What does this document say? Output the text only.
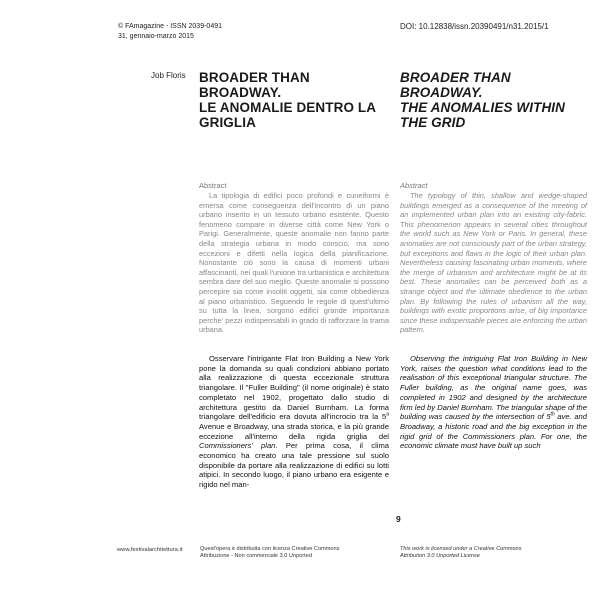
© FAmagazine - ISSN 2039-0491
31, gennaio-marzo 2015
DOI: 10.12838/issn.20390491/n31.2015/1
Job Floris BROADER THAN
BROADWAY.
LE ANOMALIE DENTRO LA
GRIGLIA
BROADER THAN
BROADWAY.
THE ANOMALIES WITHIN
THE GRID
Abstract
La tipologia di edifici poco profondi e cuneiformi è emersa come conseguenza dell'incontro di un piano urbano inserito in un tessuto urbano esistente. Questo fenomeno compare in diverse città come New York o Parigi. Generalmente, queste anomalie non fanno parte della strategia urbana in modo conscio, ma sono eccezioni e difetti nella logica della pianificazione. Nonostante ciò sono la causa di momenti urbani affascinanti, nei quali l'unione tra urbanistica e architettura sembra dare del suo meglio. Queste anomalie si possono percepire sia come insoliti oggetti, sia come obbedienza al piano urbanistico. Seguendo le regole di quest'ultimo su tutta la linea, sorgono edifici grande importanza perche' pezzi indispensabili in grado di rafforzare la trama urbana.
Abstract
The typology of thin, shallow and wedge-shaped buildings emerged as a consequence of the meeting of an implemented urban plan into an existing city-fabric. This phenomenon appears in several cities throughout the world such as New York or Paris. In general, these anomalies are not consciously part of the urban strategy, but exceptions and flaws in the logic of their urban plan. Nevertheless causing fascinating urban moments, where the merge of urbanism and architecture might be at its best. These anomalies can be perceived both as a strange object and the ultimate obedience to the urban plan. By following the rules of urbanism all the way, buildings with exotic proportions arise, of big importance since these indispensable pieces are enforcing the urban pattern.
Osservare l'intrigante Flat Iron Building a New York pone la domanda su quali condizioni abbiano portato alla realizzazione di questa eccezionale struttura triangolare. Il "Fuller Building" (il nome originale) è stato completato nel 1902, progettato dallo studio di architettura gestito da Daniel Burnham. La forma triangolare dell'edificio era dovuta all'incrocio tra la 5$^a$ Avenue e Broadway, una strada storica, e la più grande eccezione all'interno della rigida griglia del Commissioners' plan. Per prima cosa, il clima economico ha creato una tale pressione sul suolo disponibile da portare alla realizzazione di edifici su lotti atipici. In secondo luogo, il piano urbano era esigente e rigido nel man-
Observing the intriguing Flat Iron Building in New York, raises the question what conditions lead to the realisation of this exceptional triangular structure. The Fuller building, as the original name goes, was completed in 1902 and designed by the architecture firm led by Daniel Burnham. The triangular shape of the building was caused by the intersection of 5th ave. and Broadway, a historic road and the big exception in the rigid grid of the Commissioners plan. For one, the economic climate must have built up such
9
www.festivalarchitettura.it	Quest'opera è distribuita con licenza Creative Commons
Attribuzione - Non commerciale 3.0 Unported
This work is licensed under a Creative Commons
Attribution 3.0 Unported License
